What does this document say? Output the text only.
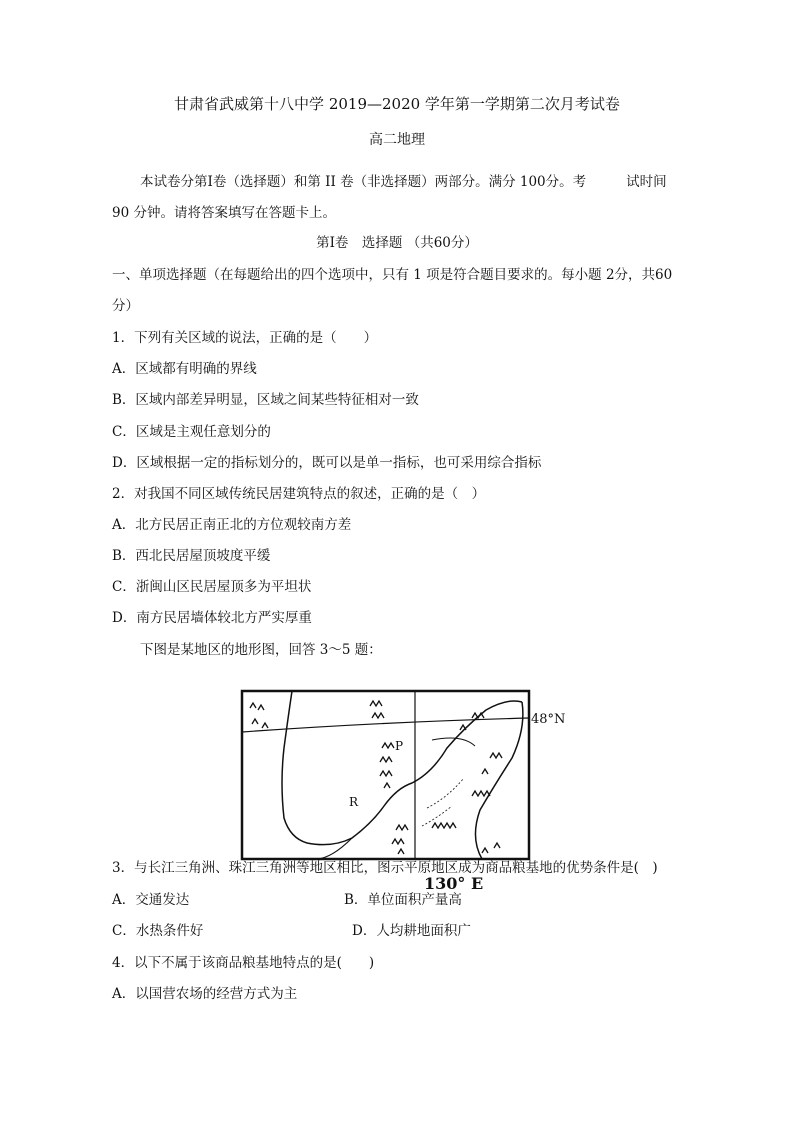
甘肃省武威第十八中学 2019—2020 学年第一学期第二次月考试卷
高二地理
本试卷分第Ⅰ卷（选择题）和第 II 卷（非选择题）两部分。满分 100分。考	试时间
90 分钟。请将答案填写在答题卡上。
第Ⅰ卷　选择题 （共60分）
一、单项选择题（在每题给出的四个选项中，只有 1 项是符合题目要求的。每小题 2分，共60
分）
1．下列有关区域的说法，正确的是（　　）
A．区域都有明确的界线
B．区域内部差异明显，区域之间某些特征相对一致
C．区域是主观任意划分的
D．区域根据一定的指标划分的，既可以是单一指标，也可采用综合指标
2．对我国不同区域传统民居建筑特点的叙述，正确的是（　）
A．北方民居正南正北的方位观较南方差
B．西北民居屋顶坡度平缓
C．浙闽山区民居屋顶多为平坦状
D．南方民居墙体较北方严实厚重
下图是某地区的地形图，回答 3～5 题：
P
R
48°N
130° E
3．与长江三角洲、珠江三角洲等地区相比，图示平原地区成为商品粮基地的优势条件是(　)
A．交通发达	B．单位面积产量高
C．水热条件好	D．人均耕地面积广
4．以下不属于该商品粮基地特点的是(　　)
A．以国营农场的经营方式为主
